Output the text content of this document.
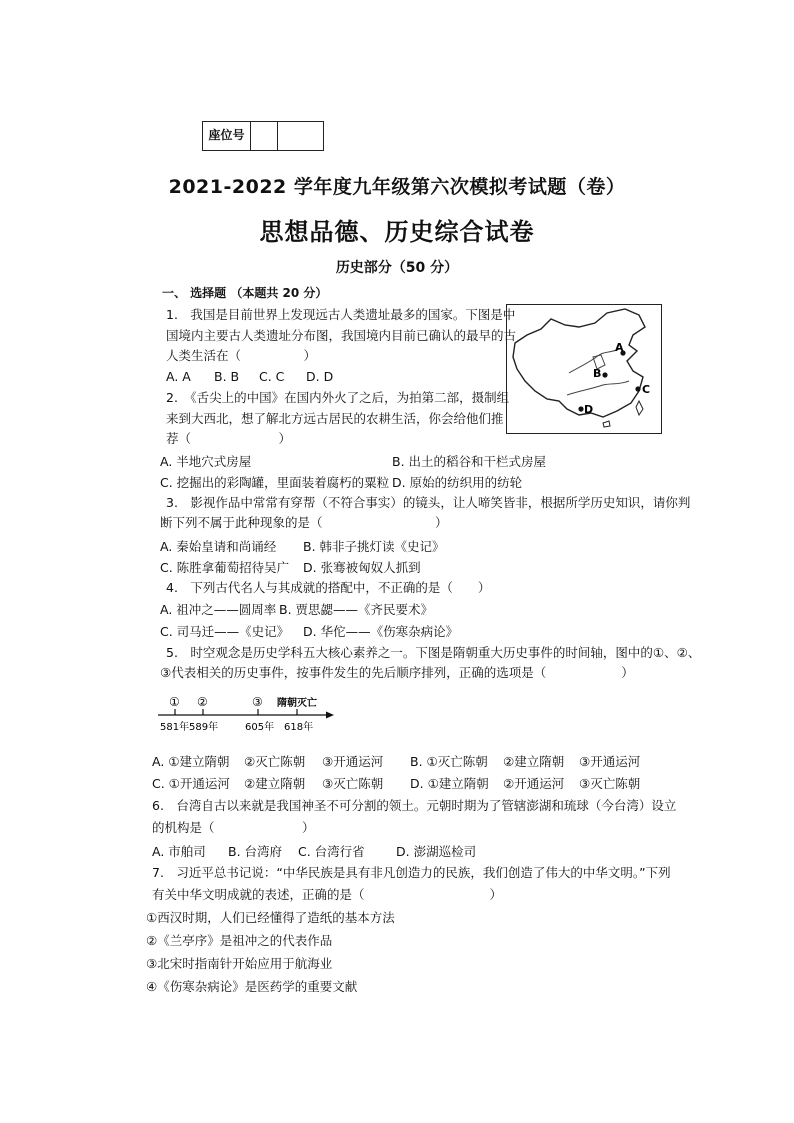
座位号
2021-2022 学年度九年级第六次模拟考试题（卷）
思想品德、历史综合试卷
历史部分（50 分）
一、 选择题 （本题共 20 分）
1.　我国是目前世界上发现远古人类遗址最多的国家。下图是中
国境内主要古人类遗址分布图，我国境内目前已确认的最早的古
人类生活在（　　　　　）
A. A B. B C. C D. D
A
B
C
D
2.　《舌尖上的中国》在国内外火了之后，为拍第二部，摄制组
来到大西北，想了解北方远古居民的农耕生活，你会给他们推
荐（　　　　　　　）
A. 半地穴式房屋	B. 出土的稻谷和干栏式房屋
C. 挖掘出的彩陶罐，里面装着腐朽的粟粒 D. 原始的纺织用的纺轮
3.　影视作品中常常有穿帮（不符合事实）的镜头，让人啼笑皆非，根据所学历史知识，请你判
断下列不属于此种现象的是（　　　　　　　　　）
A. 秦始皇请和尚诵经 B. 韩非子挑灯读《史记》
C. 陈胜拿葡萄招待吴广 D. 张骞被匈奴人抓到
4.　下列古代名人与其成就的搭配中，不正确的是（　　）
A. 祖冲之——圆周率 B. 贾思勰——《齐民要术》
C. 司马迁——《史记》 D. 华佗——《伤寒杂病论》
5.　时空观念是历史学科五大核心素养之一。下图是隋朝重大历史事件的时间轴，图中的①、②、
③代表相关的历史事件，按事件发生的先后顺序排列，正确的选项是（　　　　　　）
① ②	③ 隋朝灭亡
581年 589年	605年 618年
A. ①建立隋朝 ②灭亡陈朝 ③开通运河 B. ①灭亡陈朝 ②建立隋朝 ③开通运河
C. ①开通运河 ②建立隋朝 ③灭亡陈朝 D. ①建立隋朝 ②开通运河 ③灭亡陈朝
6.　台湾自古以来就是我国神圣不可分割的领土。元朝时期为了管辖澎湖和琉球（今台湾）设立
的机构是（　　　　　　　）
A. 市舶司 B. 台湾府 C. 台湾行省	D. 澎湖巡检司
7.　习近平总书记说：“中华民族是具有非凡创造力的民族，我们创造了伟大的中华文明。”下列
有关中华文明成就的表述，正确的是（　　　　　　　　　　）
①西汉时期，人们已经懂得了造纸的基本方法
②《兰亭序》是祖冲之的代表作品
③北宋时指南针开始应用于航海业
④《伤寒杂病论》是医药学的重要文献
